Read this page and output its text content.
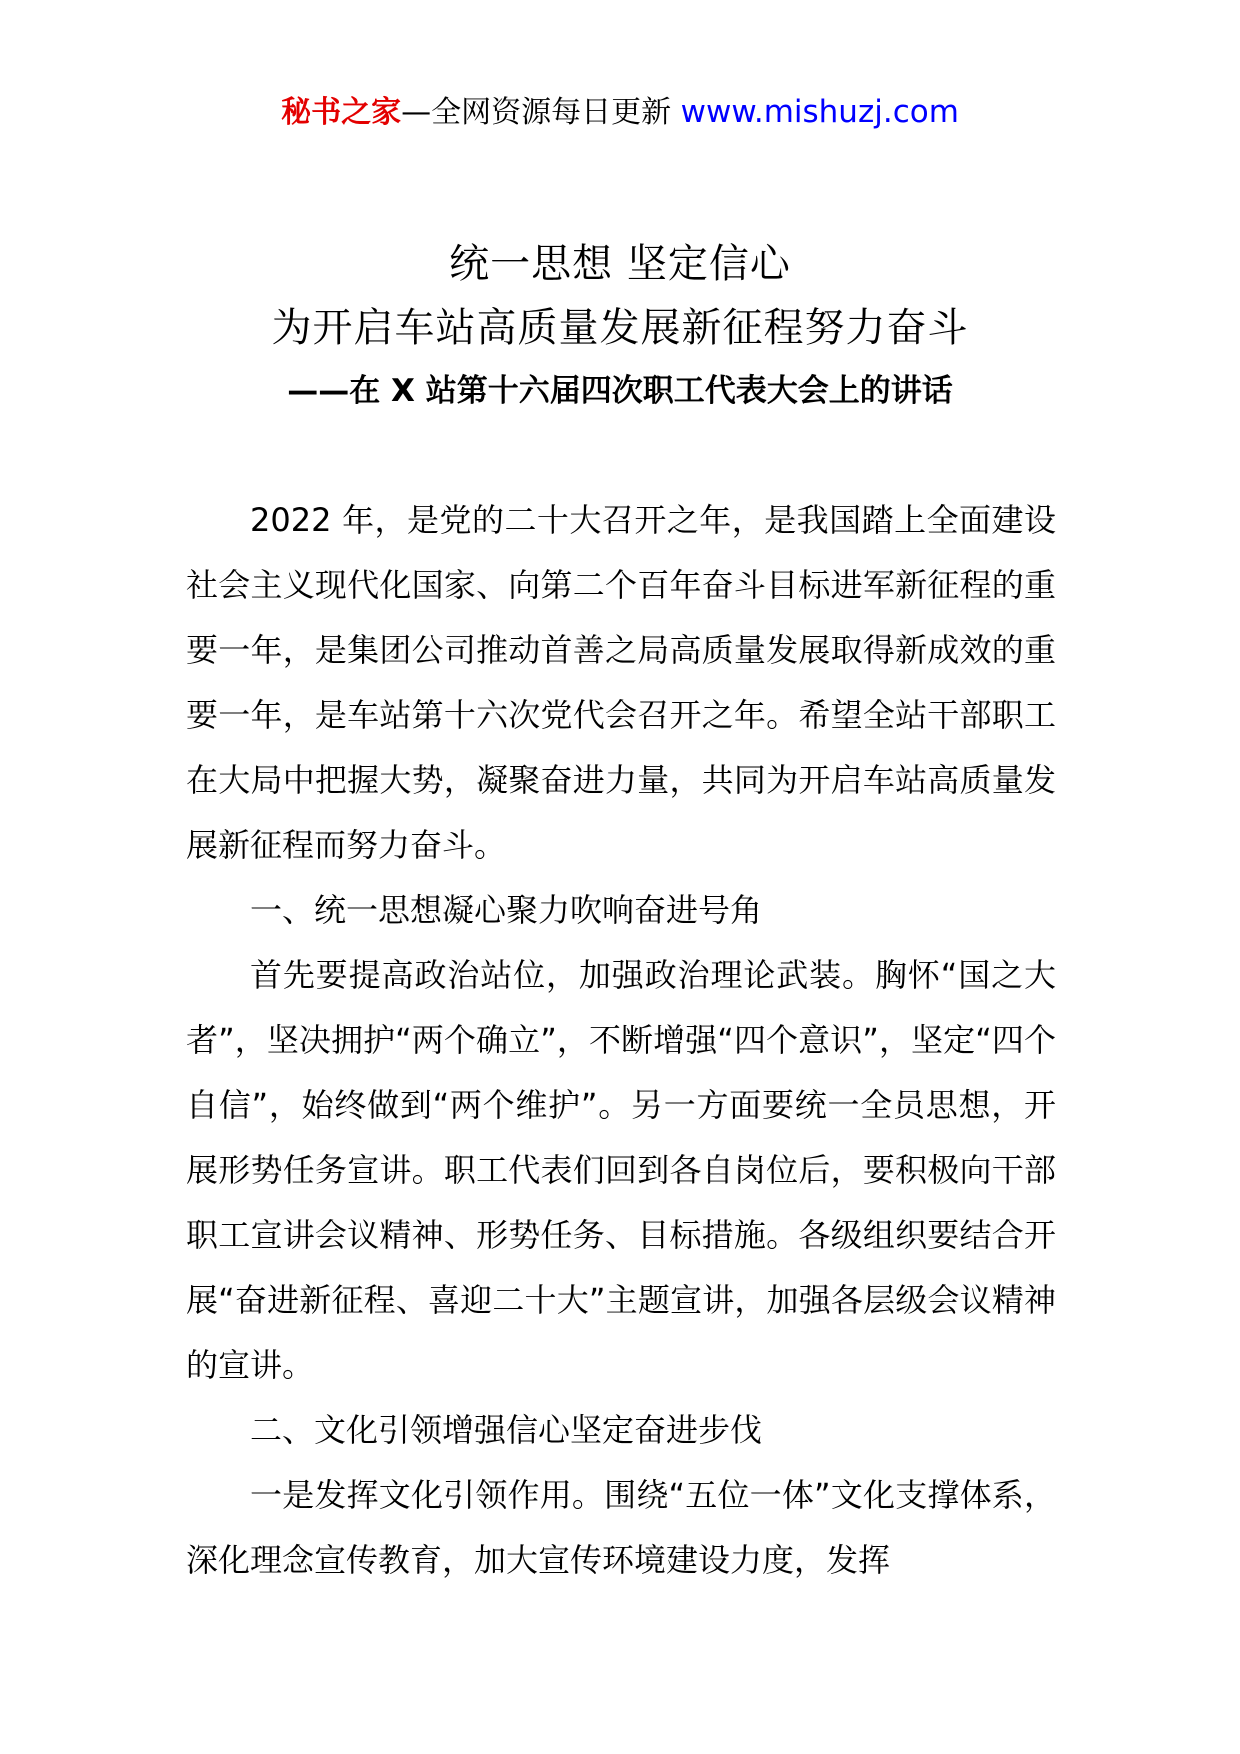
秘书之家—全网资源每日更新 www.mishuzj.com
统一思想 坚定信心
为开启车站高质量发展新征程努力奋斗
——在 X 站第十六届四次职工代表大会上的讲话

2022 年，是党的二十大召开之年，是我国踏上全面建设社会主义现代化国家、向第二个百年奋斗目标进军新征程的重要一年，是集团公司推动首善之局高质量发展取得新成效的重要一年，是车站第十六次党代会召开之年。希望全站干部职工在大局中把握大势，凝聚奋进力量，共同为开启车站高质量发展新征程而努力奋斗。

一、统一思想凝心聚力吹响奋进号角

首先要提高政治站位，加强政治理论武装。胸怀“国之大者”，坚决拥护“两个确立”，不断增强“四个意识”，坚定“四个自信”，始终做到“两个维护”。另一方面要统一全员思想，开展形势任务宣讲。职工代表们回到各自岗位后，要积极向干部职工宣讲会议精神、形势任务、目标措施。各级组织要结合开展“奋进新征程、喜迎二十大”主题宣讲，加强各层级会议精神的宣讲。

二、文化引领增强信心坚定奋进步伐

一是发挥文化引领作用。围绕“五位一体”文化支撑体系，深化理念宣传教育，加大宣传环境建设力度，发挥
